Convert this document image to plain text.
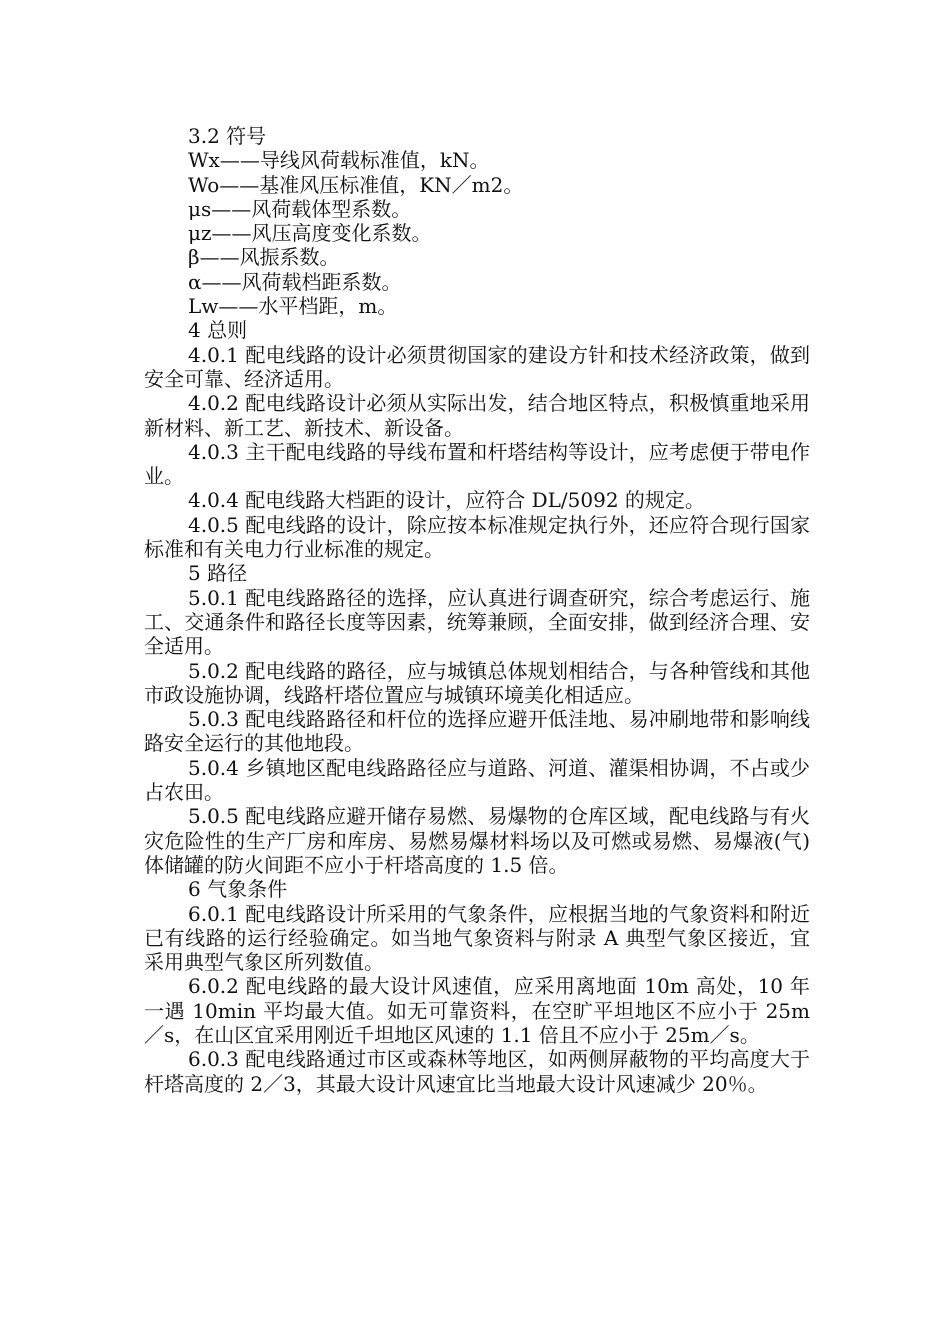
3.2 符号

Wx——导线风荷载标准值，kN。

Wo——基准风压标准值，KN／m2。

μs——风荷载体型系数。

μz——风压高度变化系数。

β——风振系数。

α——风荷载档距系数。

Lw——水平档距，m。

4 总则

4.0.1 配电线路的设计必须贯彻国家的建设方针和技术经济政策，做到安全可靠、经济适用。

4.0.2 配电线路设计必须从实际出发，结合地区特点，积极慎重地采用新材料、新工艺、新技术、新设备。

4.0.3 主干配电线路的导线布置和杆塔结构等设计，应考虑便于带电作业。

4.0.4 配电线路大档距的设计，应符合 DL/5092 的规定。

4.0.5 配电线路的设计，除应按本标准规定执行外，还应符合现行国家标准和有关电力行业标准的规定。

5 路径

5.0.1 配电线路路径的选择，应认真进行调查研究，综合考虑运行、施工、交通条件和路径长度等因素，统筹兼顾，全面安排，做到经济合理、安全适用。

5.0.2 配电线路的路径，应与城镇总体规划相结合，与各种管线和其他市政设施协调，线路杆塔位置应与城镇环境美化相适应。

5.0.3 配电线路路径和杆位的选择应避开低洼地、易冲刷地带和影响线路安全运行的其他地段。

5.0.4 乡镇地区配电线路路径应与道路、河道、灌渠相协调，不占或少占农田。

5.0.5 配电线路应避开储存易燃、易爆物的仓库区域，配电线路与有火灾危险性的生产厂房和库房、易燃易爆材料场以及可燃或易燃、易爆液(气)体储罐的防火间距不应小于杆塔高度的 1.5 倍。

6 气象条件

6.0.1 配电线路设计所采用的气象条件，应根据当地的气象资料和附近已有线路的运行经验确定。如当地气象资料与附录 A 典型气象区接近，宜采用典型气象区所列数值。

6.0.2 配电线路的最大设计风速值，应采用离地面 10m 高处，10 年一遇 10min 平均最大值。如无可靠资料，在空旷平坦地区不应小于 25m／s，在山区宜采用刚近千坦地区风速的 1.1 倍且不应小于 25m／s。

6.0.3 配电线路通过市区或森林等地区，如两侧屏蔽物的平均高度大于杆塔高度的 2／3，其最大设计风速宜比当地最大设计风速减少 20％。
